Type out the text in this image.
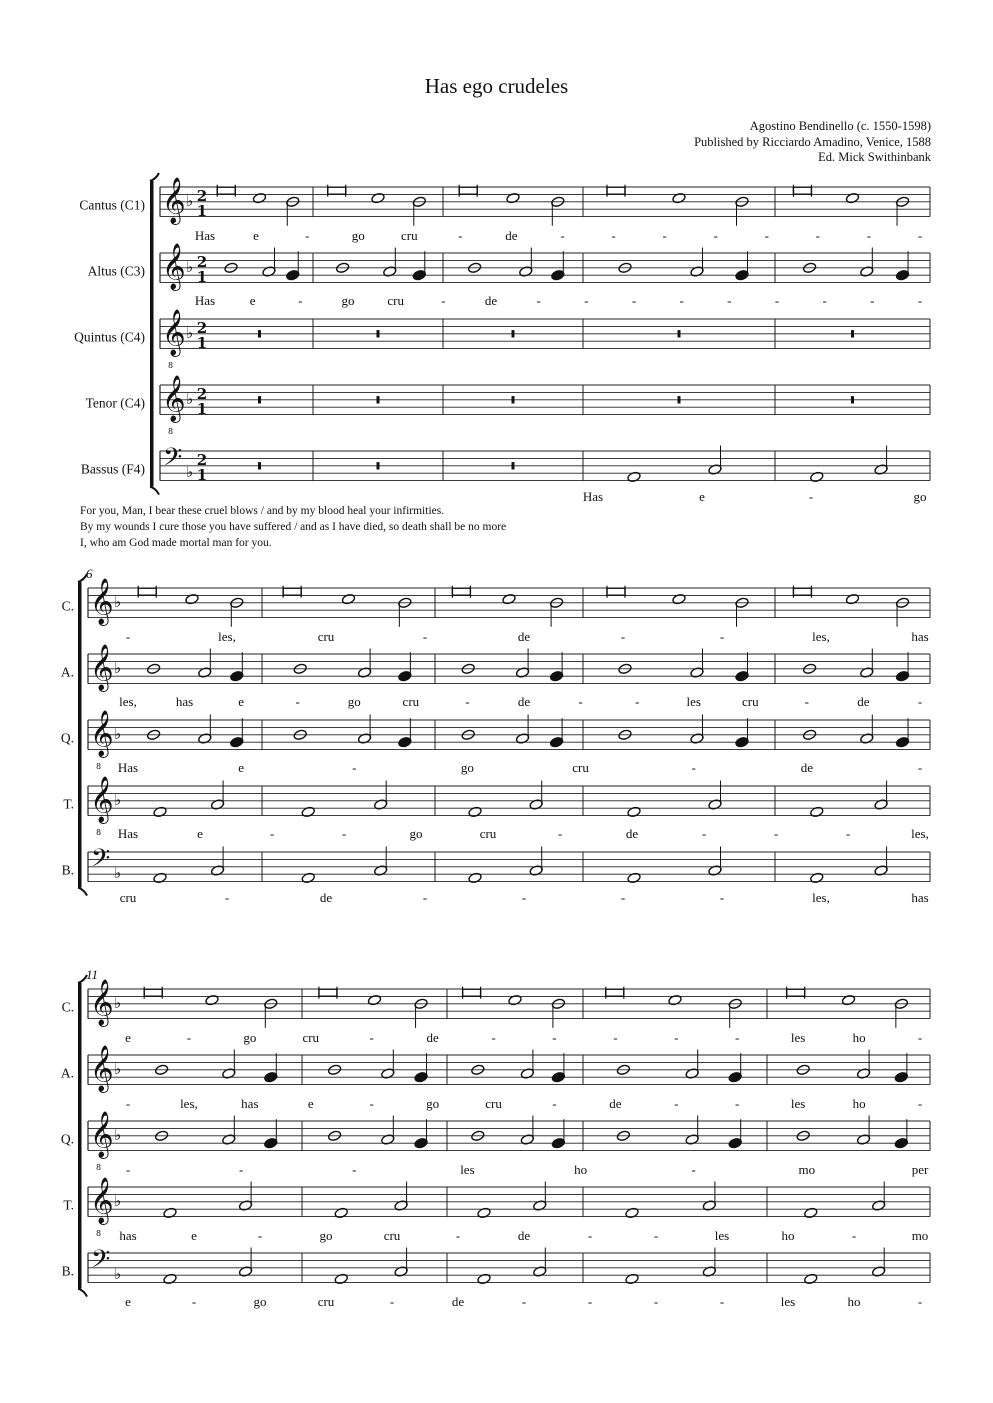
Has ego crudeles
Agostino Bendinello (c. 1550-1598)
Published by Ricciardo Amadino, Venice, 1588
Ed. Mick Swithinbank
For you, Man, I bear these cruel blows / and by my blood heal your infirmities.
By my wounds I cure those you have suffered / and as I have died, so death shall be no more
I, who am God made mortal man for you.
Cantus (C1) 𝄞 ♭ 2
1
Has	e	-	go	cru	-	de	-	-	-	-	-	-	-	-
Altus (C3) 𝄞 ♭ 2
1
Has	e	-	go	cru	-	de	-	-	-	-	-	-	-	-	-
Quintus (C4) 𝄞
8
♭ 2
1
Tenor (C4) 𝄞
8
♭ 2
1
Bassus (F4) 𝄢 ♭
2
1
Has	e	-	go
6
C. 𝄞 ♭
-	les,	cru	-	de	-	-	les,	has
A. 𝄞 ♭
les,	has	e	-	go	cru	-	de	-	-	les	cru	-	de	-
Q. 𝄞
8
♭
Has	e	-	go	cru	-	de	-
T. 𝄞
8
♭
Has	e	-	-	go	cru	-	de	-	-	-	les,
B. 𝄢 ♭
cru	-	de	-	-	-	-	les,	has
11
C. 𝄞 ♭
e	-	go	cru	-	de	-	-	-	-	-	les	ho	-
A. 𝄞 ♭
-	les,	has	e	-	go	cru	-	de	-	-	les	ho	-
Q. 𝄞
8
♭
-	-	-	les	ho	-	mo	per
T. 𝄞
8
♭
has	e	-	go	cru	-	de	-	-	les	ho	-	mo
B. 𝄢 ♭
e	-	go	cru	-	de	-	-	-	-	les	ho	-
